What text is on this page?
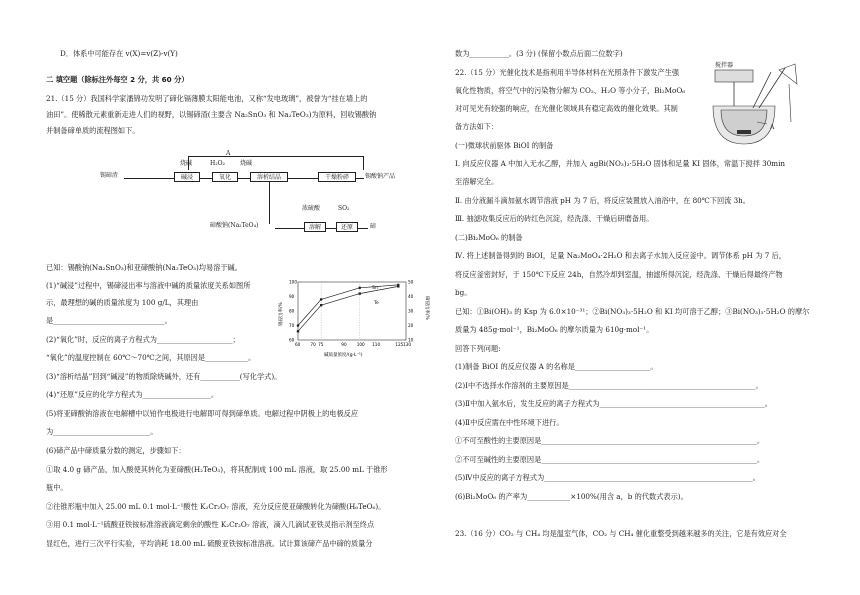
D．体系中可能存在 v(X)=v(Z)-v(Y)
二 填空题（除标注外每空 2 分，共 60 分）
21.（15 分）我国科学家潘锦功发明了碲化镉薄膜太阳能电池，又称“发电玻璃”，被誉为“挂在墙上的
油田”。使稀散元素重新走进人们的视野，以锡碲渣(主要含 Na₂SnO₃ 和 Na₂TeO₃)为原料，回收锡酸钠
并制备碲单质的流程图如下。
A
烧碱	H₂O₂	烧碱
锡碲渣	碱浸	氧化	溶析结晶	干燥粉碎	锡酸钠产品
浓硫酸	SO₂
碲酸钠(Na₂TeO₄)	溶解	还原	碲
已知：锡酸钠(Na₂SnO₃)和亚碲酸钠(Na₂TeO₃)均易溶于碱。
(1)“碱浸”过程中，锡碲浸出率与溶液中碱的质量浓度关系如图所
示，最理想的碱的质量浓度为 100 g/L，其理由
是_______________________________。
60 70 75	90 100 110	125 130
60
70
80
90
100
10
20
30
40
50
锡浸出率/%	碲浸出率/%
碱质量浓度/(g·L⁻¹)
Sn
Te
(2)“氧化”时，反应的离子方程式为_____________________；
“氧化”的温度控制在 60℃～70℃之间，其原因是____________。
(3)“溶析结晶”回到“碱浸”的物质除烧碱外，还有___________(写化学式)。
(4)“还原”反应的化学方程式为___________________。
(5)将亚碲酸钠溶液在电解槽中以铂作电极进行电解即可得到碲单质。电解过程中阴极上的电极反应
为___________________________。
(6)碲产品中碲质量分数的测定，步骤如下：
①取 4.0 g 碲产品，加入酸使其转化为亚碲酸(H₂TeO₃)，将其配制成 100 mL 溶液，取 25.00 mL 于锥形
瓶中。
②往锥形瓶中加入 25.00 mL 0.1 mol·L⁻¹酸性 K₂Cr₂O₇ 溶液，充分反应使亚碲酸转化为碲酸(H₆TeO₆)。
③用 0.1 mol·L⁻¹硫酸亚铁铵标准溶液滴定剩余的酸性 K₂Cr₂O₇ 溶液，滴入几滴试亚铁灵指示剂至终点
显红色，进行三次平行实验，平均消耗 18.00 mL 硫酸亚铁铵标准溶液。试计算该碲产品中碲的质量分
数为___________。(3 分) (保留小数点后面二位数字)
22.（15 分）光催化技术是指利用半导体材料在光照条件下激发产生强
氧化性物质，将空气中的污染物分解为 CO₂、H₂O 等小分子，Bi₂MoO₆
对可见光有较强的响应，在光催化领域具有稳定高效的催化效果。其制
备方法如下：
搅拌器
A
(一)微球状前驱体 BiOI 的制备
Ⅰ. 向反应仪器 A 中加入无水乙醇，并加入 agBi(NO₃)₃·5H₂O 固体和足量 KI 固体，常温下搅拌 30min
至溶解完全。
Ⅱ. 由分液漏斗滴加氨水调节溶液 pH 为 7 后，将反应装置放入油浴中，在 80℃下回流 3h。
Ⅲ. 抽滤收集反应后的砖红色沉淀，经洗涤、干燥后研磨备用。
(二)Bi₂MoO₆ 的制备
Ⅳ. 将上述制备得到的 BiOI，足量 Na₂MoO₄·2H₂O 和去离子水加入反应釜中。调节体系 pH 为 7 后，
将反应釜密封好，于 150℃下反应 24h，自然冷却到室温，抽滤所得沉淀，经洗涤、干燥后得最终产物
bg。
已知：①Bi(OH)₃ 的 Ksp 为 6.0×10⁻³¹；②Bi(NO₃)₃·5H₂O 和 KI 均可溶于乙醇；③Bi(NO₃)₃·5H₂O 的摩尔
质量为 485g·mol⁻¹，Bi₂MoO₆ 的摩尔质量为 610g·mol⁻¹。
回答下列问题:
(1)制备 BiOI 的反应仪器 A 的名称是_____________________。
(2)Ⅰ中不选择水作溶剂的主要原因是____________________________________________________。
(3)Ⅱ中加入氨水后，发生反应的离子方程式为______________________________________________。
(4)Ⅱ中反应需在中性环境下进行。
①不可至酸性的主要原因是____________________________________________________________。
②不可至碱性的主要原因是____________________________________________________________。
(5)Ⅳ中反应的离子方程式为__________________________________________________________。
(6)Bi₂MoO₆ 的产率为____________×100%(用含 a，b 的代数式表示)。
23.（16 分）CO₂ 与 CH₄ 均是温室气体，CO₂ 与 CH₄ 催化重整受到越来越多的关注，它是有效应对全
